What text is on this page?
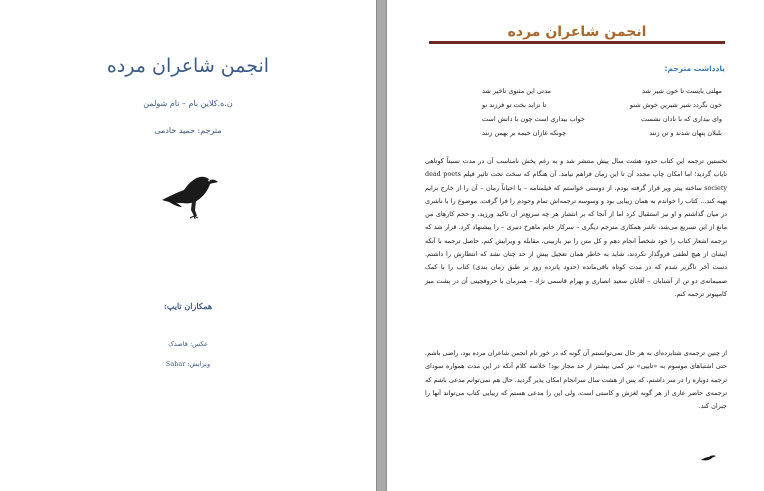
انجمن شاعران مرده
ن.ه.کلاین بام – تام شولمن
مترجم: حمید خادمی
همکاران تایپ:
عکس: قاصدک
ویرایش: Sahar
انجمن شاعران مرده
یادداشت مترجم:
مدتی این مثنوی تاخیر شد	مهلتی بایست تا خون شیر شد
تا نزاید بخت تو فرزند نو	خون نگردد شیر شیرین خوش شنو
خواب بیداری است چون با دانش است	وای بیداری که با نادان نشست
چونکه غازان خیمه بر بهمن زنند	بلبلان پنهان شدند و تن زنند
نخستین ترجمه این کتاب حدود هشت سال پیش منتشر شد و به رغم پخش نامناسب آن در مدت نسبتاً کوتاهی نایاب گردید؛ اما امکان چاپ مجدد آن تا این زمان فراهم نیامد. آن هنگام که سخت تحت تاثیر فیلم dead poets society ساخته پیتر ویر قرار گرفته بودم، از دوستی خواستم که فیلمنامه – یا احیاناً رمان – آن را از خارج برایم تهیه کند... کتاب را خواندم به همان زیبایی بود و وسوسه ترجمه‌اش تمام وجودم را فرا گرفت. موضوع را با ناشری در میان گذاشتم و او نیز استقبال کرد اما از آنجا که بر انتشار هر چه سریع‌تر آن تاکید ورزید، و حجم کارهای من مانع از این تسریع می‌شد، ناشر همکاری مترجم دیگری – سرکار خانم ماهرخ دبیری – را پیشنهاد کرد. قرار شد که ترجمه اشعار کتاب را خود شخصاً انجام دهم و کل متن را نیز بازبینی، مقابله و ویرایش کنم. حاصل ترجمه با آنکه ایشان از هیچ لطفی فروگذار نکردند، شاید به خاطر همان تعجیل بیش از حد چنان نشد که انتظارش را داشتم. دست آخر ناگزیر شدم که در مدت کوتاه باقی‌مانده (حدود پانزده روز بر طبق زمان بندی) کتاب را با کمک صمیمانه‌ی دو تن از آشنایان – آقایان سعید انصاری و بهرام قاسمی نژاد – همزمان با حروفچینی آن در پشت میز کامپیوتر ترجمه کنم.
از چنین ترجمه‌ی شتابزده‌ای به هر حال نمی‌توانستم آن گونه که در خور نام انجمن شاعران مرده بود، راضی باشم. حتی اشتباهای موسوم به «تایپی» نیز کمی بیشتر از حد مجاز بود! خلاصه کلام آنکه در این مدت همواره سودای ترجمه دوباره را در سر داشتم، که پس از هشت سال سرانجام امکان پذیر گردید. حال هم نمی‌توانم مدعی باشم که ترجمه‌ی حاضر عاری از هر گونه لغزش و کاستی است، ولی این را مدعی هستم که زیبایی کتاب می‌تواند آنها را جبران کند.
